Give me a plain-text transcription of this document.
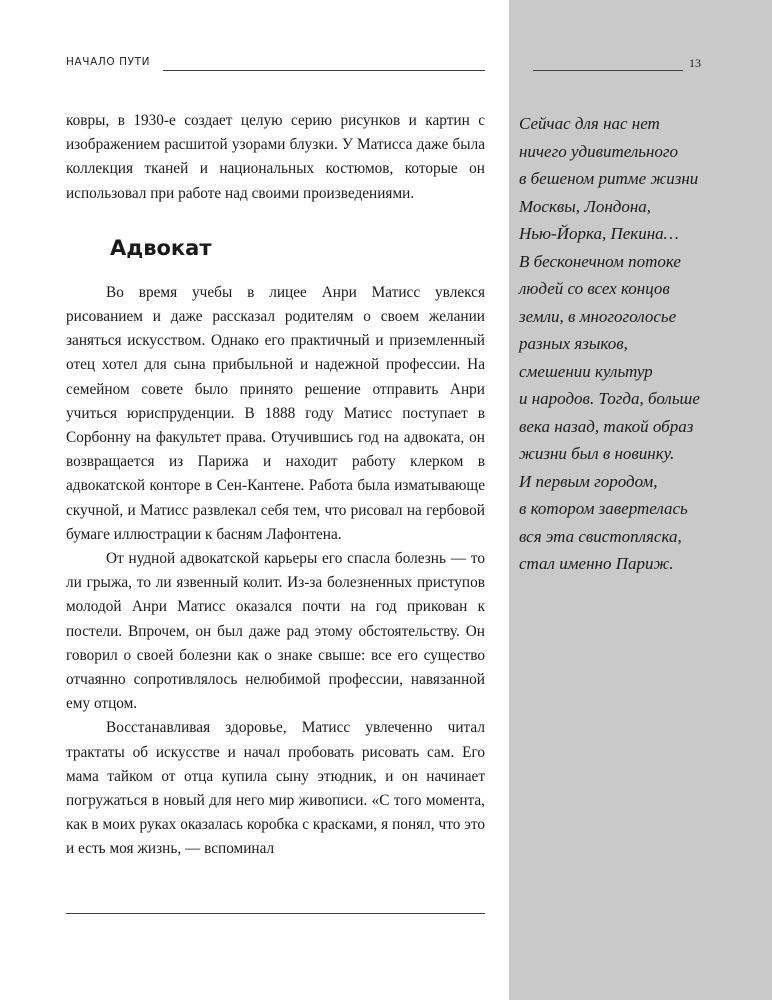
НАЧАЛО ПУТИ	13

ковры, в 1930-е создает целую серию рисунков и картин с изображением расшитой узорами блузки. У Матисса даже была коллекция тканей и национальных костюмов, которые он использовал при работе над своими произведениями.

Адвокат

Во время учебы в лицее Анри Матисс увлекся рисованием и даже рассказал родителям о своем желании заняться искусством. Однако его практичный и приземленный отец хотел для сына прибыльной и надежной профессии. На семейном совете было принято решение отправить Анри учиться юриспруденции. В 1888 году Матисс поступает в Сорбонну на факультет права. Отучившись год на адвоката, он возвращается из Парижа и находит работу клерком в адвокатской конторе в Сен-Кантене. Работа была изматывающе скучной, и Матисс развлекал себя тем, что рисовал на гербовой бумаге иллюстрации к басням Лафонтена.

От нудной адвокатской карьеры его спасла болезнь — то ли грыжа, то ли язвенный колит. Из-за болезненных приступов молодой Анри Матисс оказался почти на год прикован к постели. Впрочем, он был даже рад этому обстоятельству. Он говорил о своей болезни как о знаке свыше: все его существо отчаянно сопротивлялось нелюбимой профессии, навязанной ему отцом.

Восстанавливая здоровье, Матисс увлеченно читал трактаты об искусстве и начал пробовать рисовать сам. Его мама тайком от отца купила сыну этюдник, и он начинает погружаться в новый для него мир живописи. «С того момента, как в моих руках оказалась коробка с красками, я понял, что это и есть моя жизнь, — вспоминал

Сейчас для нас нет
ничего удивительного
в бешеном ритме жизни
Москвы, Лондона,
Нью-Йорка, Пекина…
В бесконечном потоке
людей со всех концов
земли, в многоголосье
разных языков,
смешении культур
и народов. Тогда, больше
века назад, такой образ
жизни был в новинку.
И первым городом,
в котором завертелась
вся эта свистопляска,
стал именно Париж.
